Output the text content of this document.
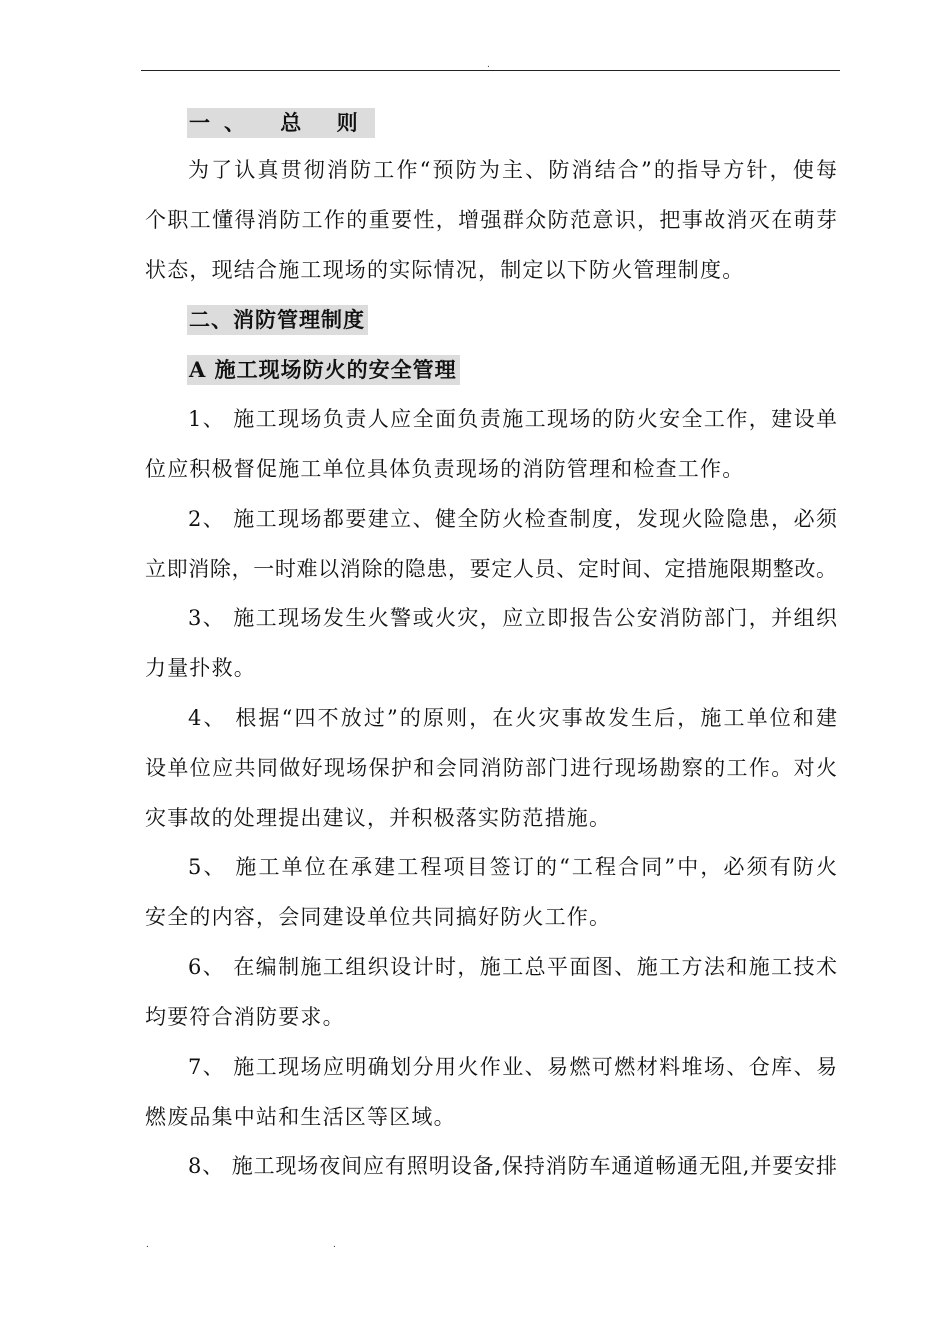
.
一、 总 则
为了认真贯彻消防工作“预防为主、防消结合”的指导方针，使每
个职工懂得消防工作的重要性，增强群众防范意识，把事故消灭在萌芽
状态，现结合施工现场的实际情况，制定以下防火管理制度。
二、消防管理制度
A 施工现场防火的安全管理
1、 施工现场负责人应全面负责施工现场的防火安全工作，建设单
位应积极督促施工单位具体负责现场的消防管理和检查工作。
2、 施工现场都要建立、健全防火检查制度，发现火险隐患，必须
立即消除，一时难以消除的隐患，要定人员、定时间、定措施限期整改。
3、 施工现场发生火警或火灾，应立即报告公安消防部门，并组织
力量扑救。
4、 根据“四不放过”的原则，在火灾事故发生后，施工单位和建
设单位应共同做好现场保护和会同消防部门进行现场勘察的工作。对火
灾事故的处理提出建议，并积极落实防范措施。
5、 施工单位在承建工程项目签订的“工程合同”中，必须有防火
安全的内容，会同建设单位共同搞好防火工作。
6、 在编制施工组织设计时，施工总平面图、施工方法和施工技术
均要符合消防要求。
7、 施工现场应明确划分用火作业、易燃可燃材料堆场、仓库、易
燃废品集中站和生活区等区域。
8、 施工现场夜间应有照明设备,保持消防车通道畅通无阻,并要安排
.	.
